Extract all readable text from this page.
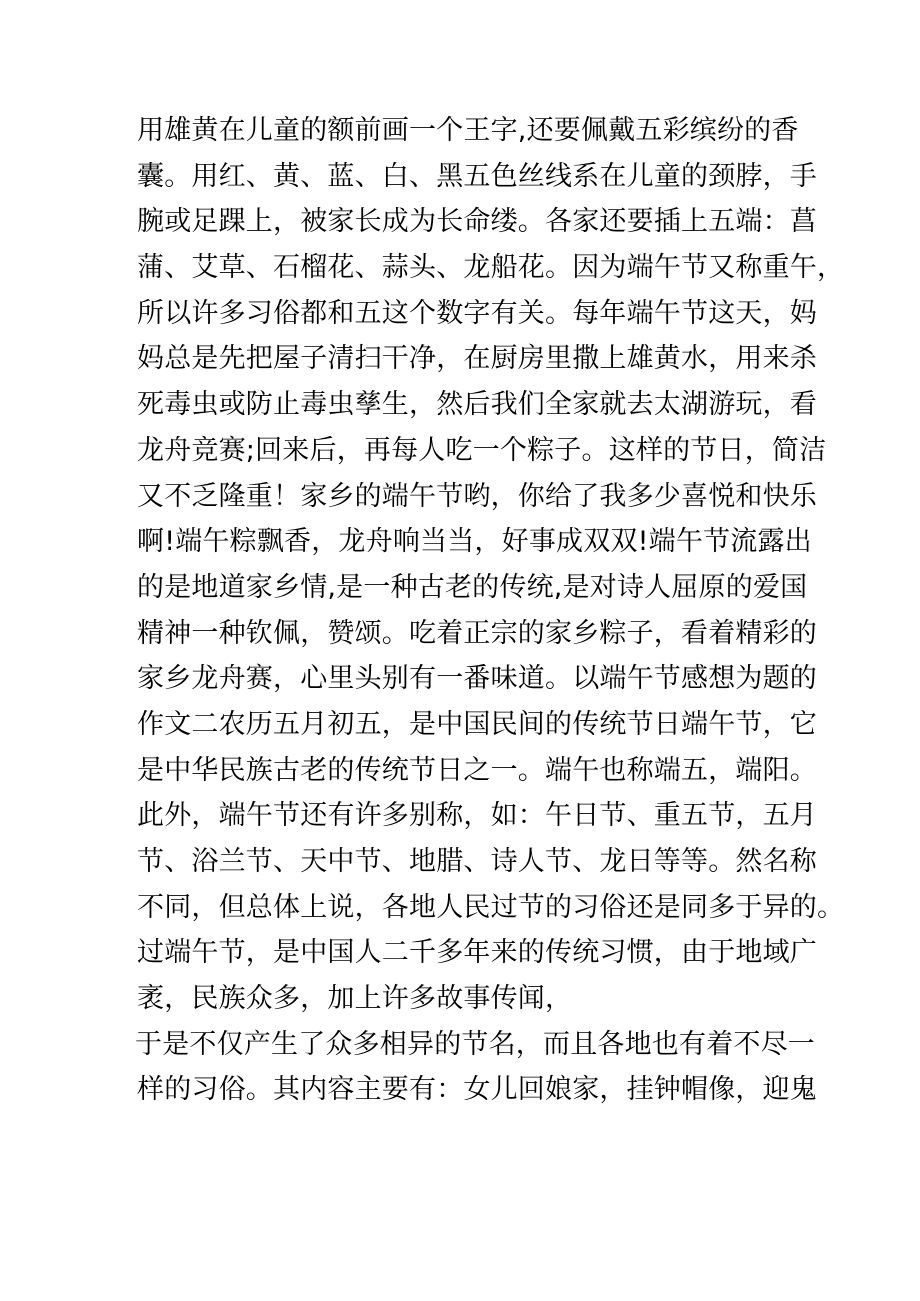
用雄黄在儿童的额前画一个王字,还要佩戴五彩缤纷的香
囊。用红、黄、蓝、白、黑五色丝线系在儿童的颈脖，手
腕或足踝上，被家长成为长命缕。各家还要插上五端：菖
蒲、艾草、石榴花、蒜头、龙船花。因为端午节又称重午，
所以许多习俗都和五这个数字有关。每年端午节这天，妈
妈总是先把屋子清扫干净，在厨房里撒上雄黄水，用来杀
死毒虫或防止毒虫孳生，然后我们全家就去太湖游玩，看
龙舟竞赛;回来后，再每人吃一个粽子。这样的节日，简洁
又不乏隆重！家乡的端午节哟，你给了我多少喜悦和快乐
啊!端午粽飘香，龙舟响当当，好事成双双!端午节流露出
的是地道家乡情,是一种古老的传统,是对诗人屈原的爱国
精神一种钦佩，赞颂。吃着正宗的家乡粽子，看着精彩的
家乡龙舟赛，心里头别有一番味道。以端午节感想为题的
作文二农历五月初五，是中国民间的传统节日端午节，它
是中华民族古老的传统节日之一。端午也称端五，端阳。
此外，端午节还有许多别称，如：午日节、重五节，五月
节、浴兰节、天中节、地腊、诗人节、龙日等等。然名称
不同，但总体上说，各地人民过节的习俗还是同多于异的。
过端午节，是中国人二千多年来的传统习惯，由于地域广
袤，民族众多，加上许多故事传闻，
于是不仅产生了众多相异的节名，而且各地也有着不尽一
样的习俗。其内容主要有：女儿回娘家，挂钟帽像，迎鬼
